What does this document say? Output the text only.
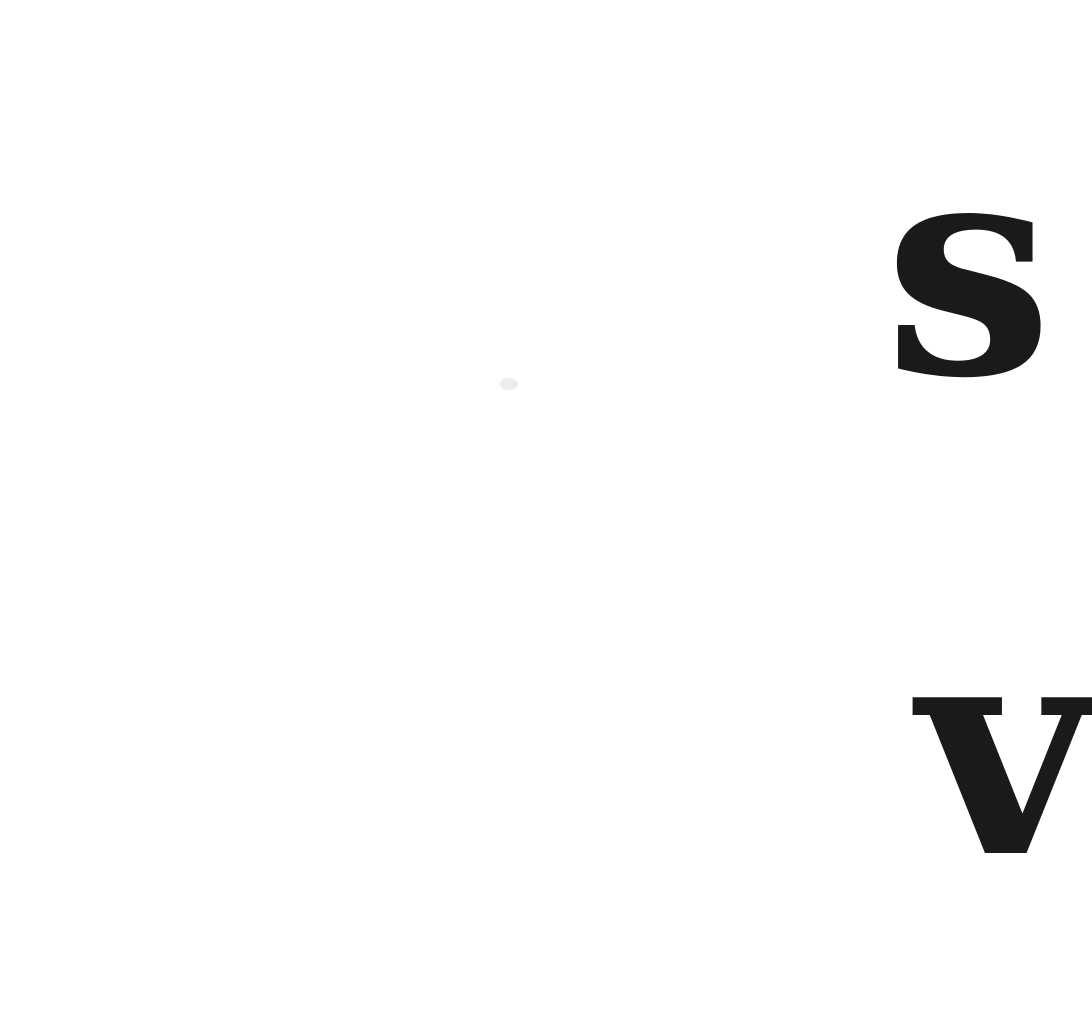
s

v
